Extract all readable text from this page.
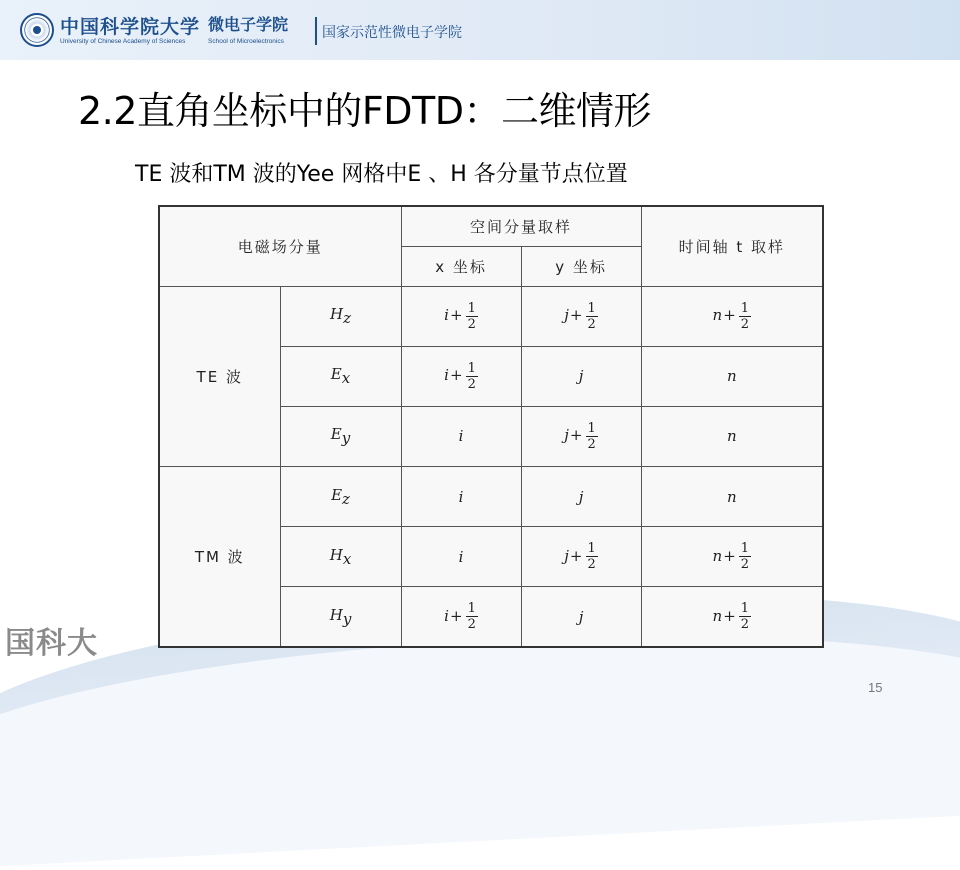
中国科学院大学
University of Chinese Academy of Sciences
微电子学院
School of Microelectronics
国家示范性微电子学院
2.2直角坐标中的FDTD：二维情形
TE 波和TM 波的Yee 网格中E 、H 各分量节点位置
电磁场分量		空间分量取样		时间轴 t 取样
		x 坐标	y 坐标	
TE 波	$H_z$	$i+ \frac{1}{2}$	$j+ \frac{1}{2}$	$n+ \frac{1}{2}$

	$E_x$	$i+ \frac{1}{2}$	j	n
	$E_y$	i	$j+ \frac{1}{2}$	n
TM 波	$E_z$	i	j	n
	$H_x$	i	$j+ \frac{1}{2}$	$n+ \frac{1}{2}$

	$H_y$	$i+ \frac{1}{2}$	j	$n+ \frac{1}{2}$
国科大
15
